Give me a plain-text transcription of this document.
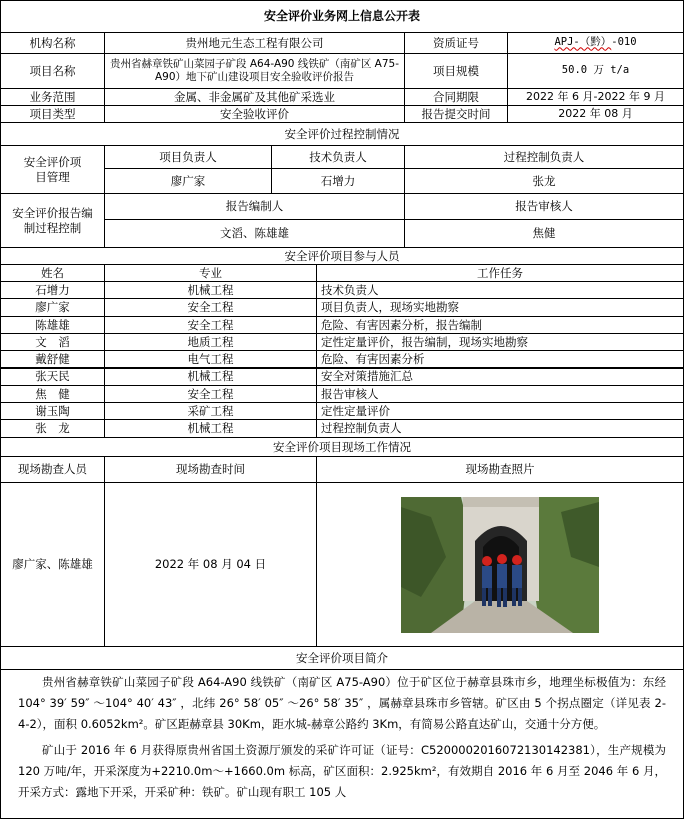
安全评价业务网上信息公开表
机构名称	贵州地元生态工程有限公司	资质证号	APJ-（黔） -010
项目名称	贵州省赫章铁矿山菜园子矿段 A64-A90 线铁矿（南矿区 A75-A90）地下矿山建设项目安全验收评价报告	项目规模	50.0 万 t/a
业务范围	金属、非金属矿及其他矿采选业	合同期限	2022 年 6 月-2022 年 9 月
项目类型	安全验收评价	报告提交时间	2022 年 08 月
安全评价过程控制情况
安全评价项目管理
项目负责人	技术负责人	过程控制负责人
廖广家	石增力	张龙
安全评价报告编制过程控制
报告编制人	报告审核人
文滔、陈雄雄	焦健
安全评价项目参与人员
姓名	专业	工作任务
石增力	机械工程	技术负责人
廖广家	安全工程	项目负责人，现场实地勘察
陈雄雄	安全工程	危险、有害因素分析，报告编制
文　滔	地质工程	定性定量评价，报告编制，现场实地勘察
戴舒健	电气工程	危险、有害因素分析
张天民	机械工程	安全对策措施汇总
焦　健	安全工程	报告审核人
谢玉陶	采矿工程	定性定量评价
张　龙	机械工程	过程控制负责人
安全评价项目现场工作情况
现场勘查人员	现场勘查时间	现场勘查照片
廖广家、陈雄雄	2022 年 08 月 04 日
安全评价项目简介
贵州省赫章铁矿山菜园子矿段 A64-A90 线铁矿（南矿区 A75-A90）位于矿区位于赫章县珠市乡，地理坐标极值为：东经 104° 39′ 59″ ～104° 40′ 43″ ，北纬 26° 58′ 05″ ～26° 58′ 35″ ，属赫章县珠市乡管辖。矿区由 5 个拐点圈定（详见表 2-4-2），面积 0.6052km²。矿区距赫章县 30Km，距水城-赫章公路约 3Km，有简易公路直达矿山，交通十分方便。
矿山于 2016 年 6 月获得原贵州省国土资源厅颁发的采矿许可证（证号：C5200002016072130142381），生产规模为 120 万吨/年，开采深度为+2210.0m～+1660.0m 标高，矿区面积：2.925km²，有效期自 2016 年 6 月至 2046 年 6 月，开采方式：露地下开采，开采矿种：铁矿。矿山现有职工 105 人
